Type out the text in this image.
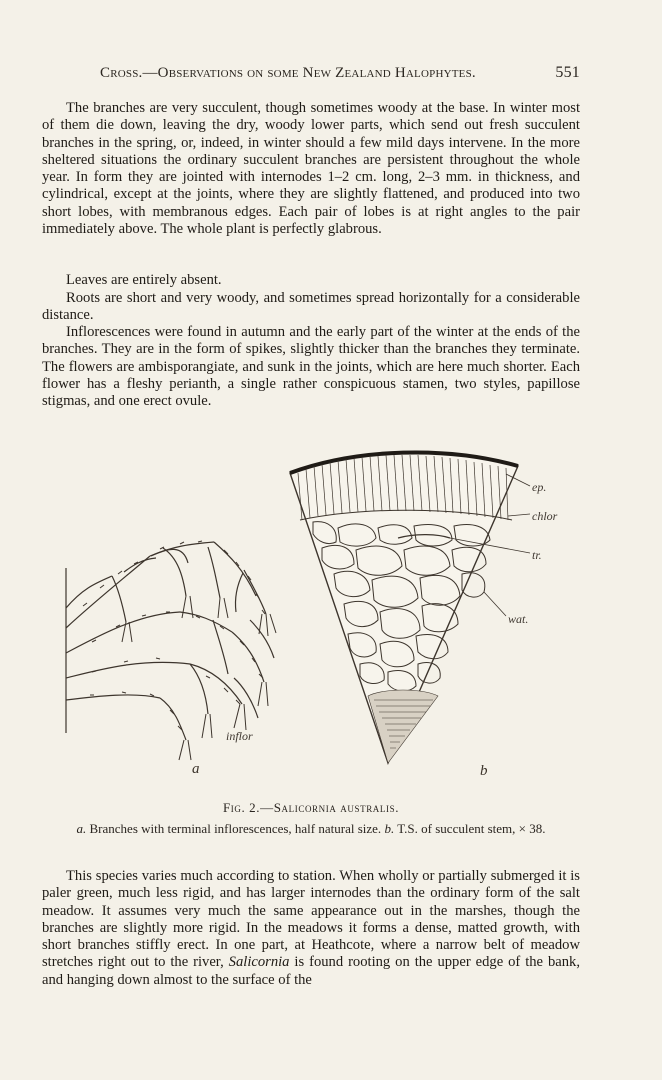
Cross.—Observations on some New Zealand Halophytes.	551

The branches are very succulent, though sometimes woody at the base. In winter most of them die down, leaving the dry, woody lower parts, which send out fresh succulent branches in the spring, or, indeed, in winter should a few mild days intervene. In the more sheltered situations the ordinary succulent branches are persistent throughout the whole year. In form they are jointed with internodes 1–2 cm. long, 2–3 mm. in thickness, and cylindrical, except at the joints, where they are slightly flattened, and produced into two short lobes, with membranous edges. Each pair of lobes is at right angles to the pair immediately above. The whole plant is perfectly glabrous.

Leaves are entirely absent.

Roots are short and very woody, and sometimes spread horizontally for a considerable distance.

Inflorescences were found in autumn and the early part of the winter at the ends of the branches. They are in the form of spikes, slightly thicker than the branches they terminate. The flowers are ambisporangiate, and sunk in the joints, which are here much shorter. Each flower has a fleshy perianth, a single rather conspicuous stamen, two styles, papillose stigmas, and one erect ovule.

a	b
ep.
chlor
tr.
wat.
inflor
Fig. 2.—Salicornia australis.
a. Branches with terminal inflorescences, half natural size. b. T.S. of succulent stem, × 38.

This species varies much according to station. When wholly or partially submerged it is paler green, much less rigid, and has larger internodes than the ordinary form of the salt meadow. It assumes very much the same appearance out in the marshes, though the branches are slightly more rigid. In the meadows it forms a dense, matted growth, with short branches stiffly erect. In one part, at Heathcote, where a narrow belt of meadow stretches right out to the river, Salicornia is found rooting on the upper edge of the bank, and hanging down almost to the surface of the
